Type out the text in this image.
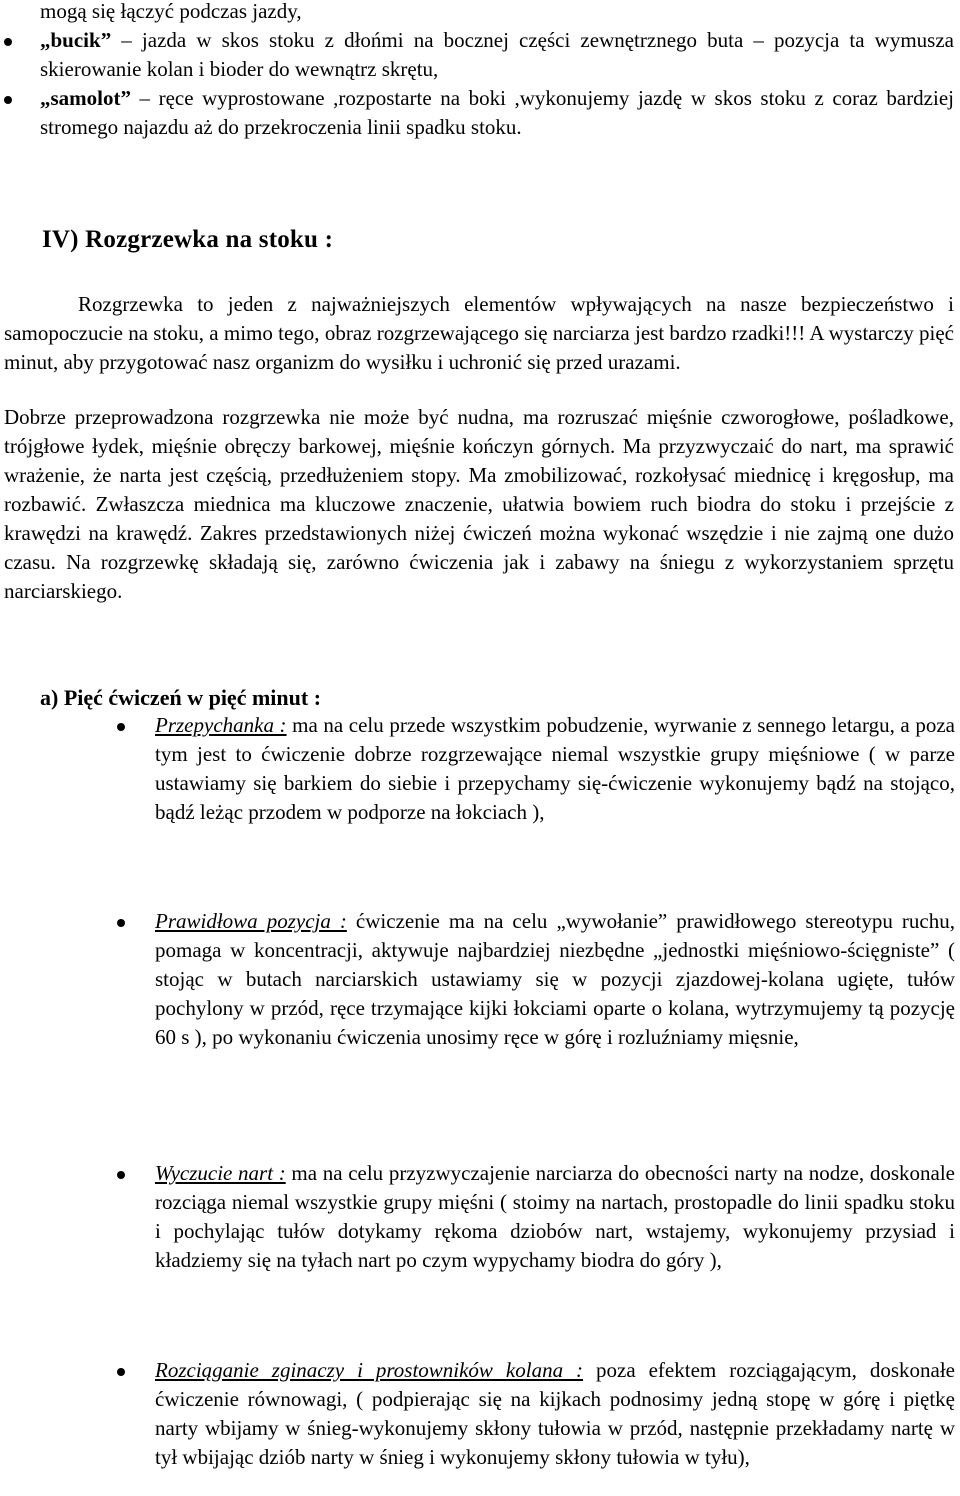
mogą się łączyć podczas jazdy,
„bucik” – jazda w skos stoku z dłońmi na bocznej części zewnętrznego buta – pozycja ta wymusza skierowanie kolan i bioder do wewnątrz skrętu,
„samolot” – ręce wyprostowane ,rozpostarte na boki ,wykonujemy jazdę w skos stoku z coraz bardziej stromego najazdu aż do przekroczenia linii spadku stoku.
IV) Rozgrzewka na stoku :
Rozgrzewka to jeden z najważniejszych elementów wpływających na nasze bezpieczeństwo i samopoczucie na stoku, a mimo tego, obraz rozgrzewającego się narciarza jest bardzo rzadki!!! A wystarczy pięć minut, aby przygotować nasz organizm do wysiłku i uchronić się przed urazami.
Dobrze przeprowadzona rozgrzewka nie może być nudna, ma rozruszać mięśnie czworogłowe, pośladkowe, trójgłowe łydek, mięśnie obręczy barkowej, mięśnie kończyn górnych. Ma przyzwyczaić do nart, ma sprawić wrażenie, że narta jest częścią, przedłużeniem stopy. Ma zmobilizować, rozkołysać miednicę i kręgosłup, ma rozbawić. Zwłaszcza miednica ma kluczowe znaczenie, ułatwia bowiem ruch biodra do stoku i przejście z krawędzi na krawędź. Zakres przedstawionych niżej ćwiczeń można wykonać wszędzie i nie zajmą one dużo czasu. Na rozgrzewkę składają się, zarówno ćwiczenia jak i zabawy na śniegu z wykorzystaniem sprzętu narciarskiego.
a) Pięć ćwiczeń w pięć minut :
Przepychanka : ma na celu przede wszystkim pobudzenie, wyrwanie z sennego letargu, a poza tym jest to ćwiczenie dobrze rozgrzewające niemal wszystkie grupy mięśniowe ( w parze ustawiamy się barkiem do siebie i przepychamy się-ćwiczenie wykonujemy bądź na stojąco, bądź leżąc przodem w podporze na łokciach ),
Prawidłowa pozycja : ćwiczenie ma na celu „wywołanie” prawidłowego stereotypu ruchu, pomaga w koncentracji, aktywuje najbardziej niezbędne „jednostki mięśniowo-ścięgniste” ( stojąc w butach narciarskich ustawiamy się w pozycji zjazdowej-kolana ugięte, tułów pochylony w przód, ręce trzymające kijki łokciami oparte o kolana, wytrzymujemy tą pozycję 60 s ), po wykonaniu ćwiczenia unosimy ręce w górę i rozluźniamy mięsnie,
Wyczucie nart : ma na celu przyzwyczajenie narciarza do obecności narty na nodze, doskonale rozciąga niemal wszystkie grupy mięśni ( stoimy na nartach, prostopadle do linii spadku stoku i pochylając tułów dotykamy rękoma dziobów nart, wstajemy, wykonujemy przysiad i kładziemy się na tyłach nart po czym wypychamy biodra do góry ),
Rozciąganie zginaczy i prostowników kolana : poza efektem rozciągającym, doskonałe ćwiczenie równowagi, ( podpierając się na kijkach podnosimy jedną stopę w górę i piętkę narty wbijamy w śnieg-wykonujemy skłony tułowia w przód, następnie przekładamy nartę w tył wbijając dziób narty w śnieg i wykonujemy skłony tułowia w tyłu),
